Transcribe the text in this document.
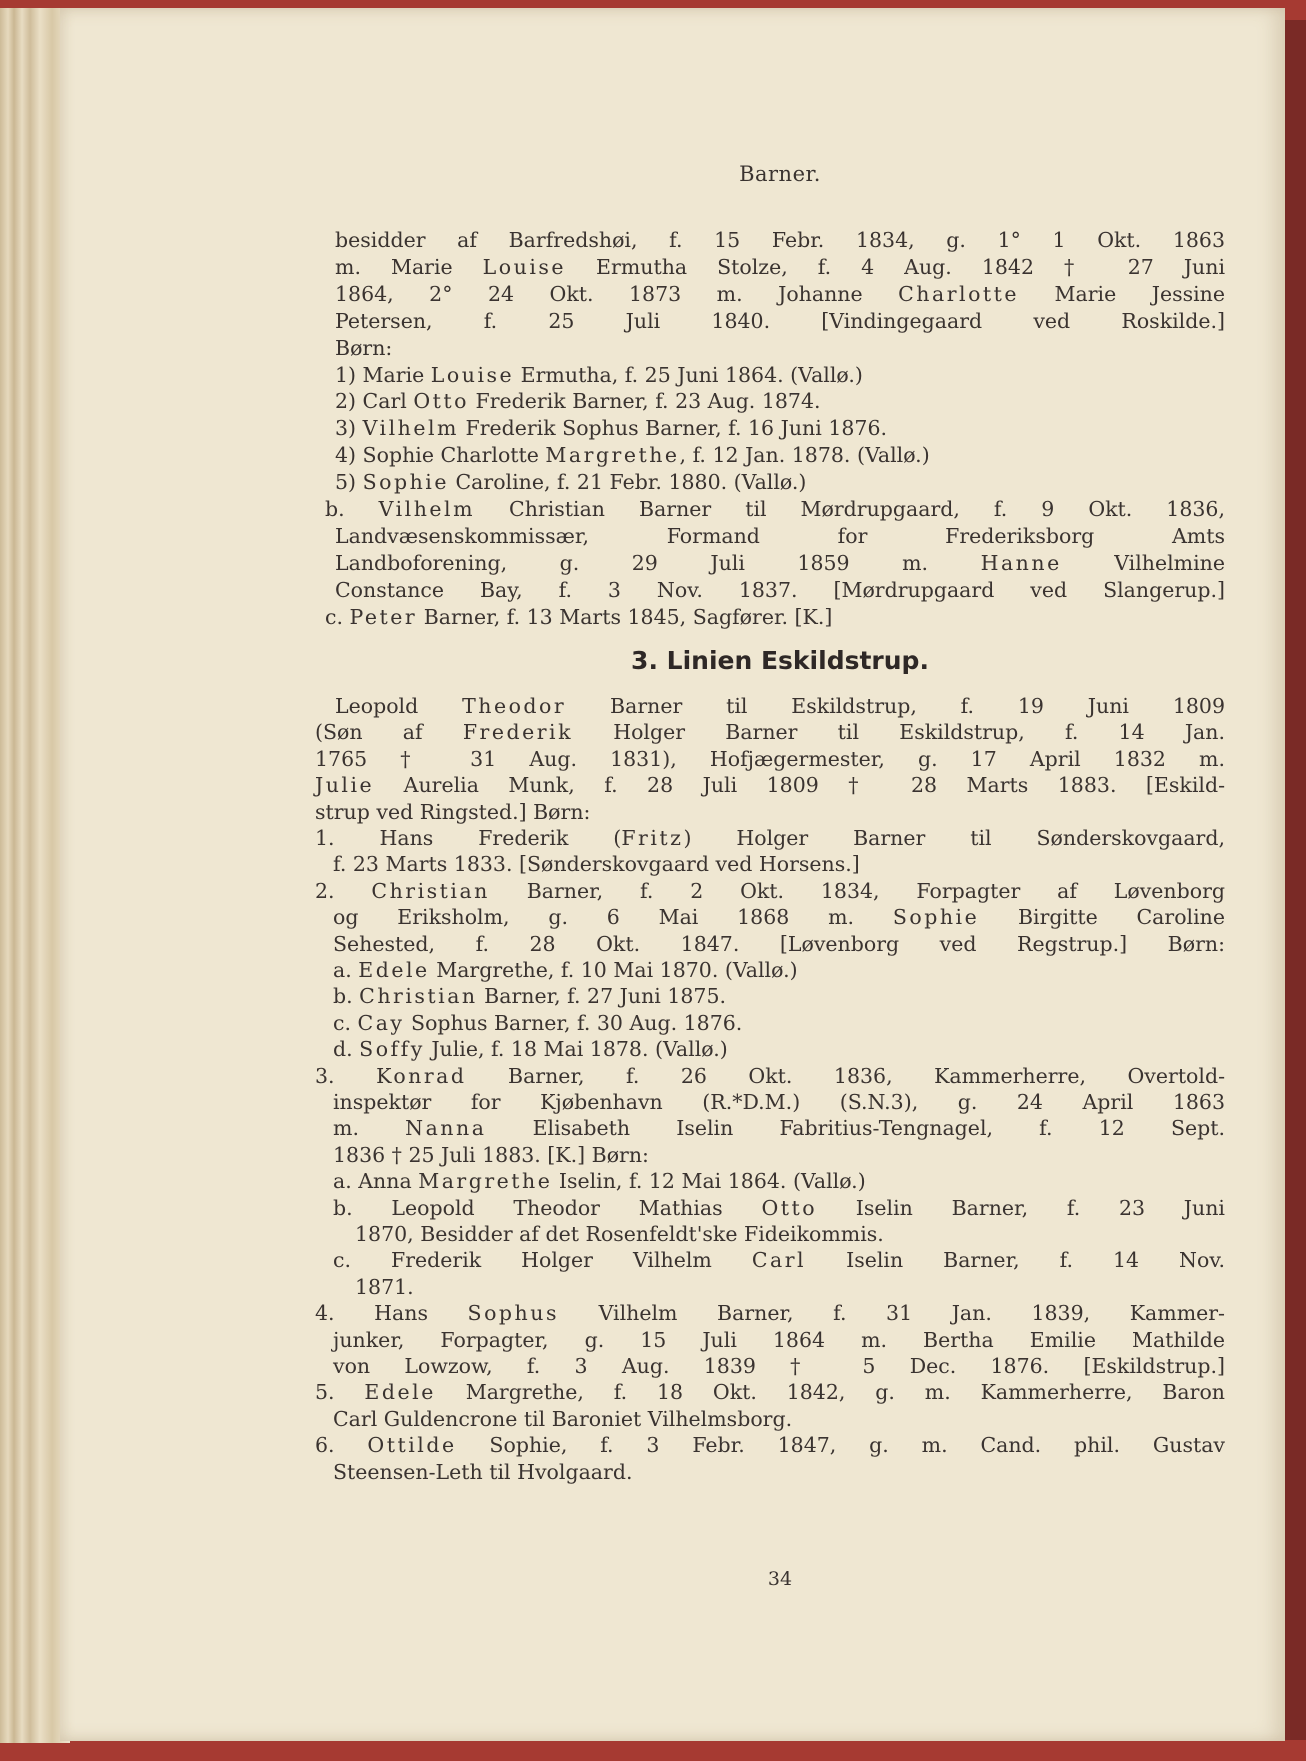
Barner.
besidder af Barfredshøi, f. 15 Febr. 1834, g. 1° 1 Okt. 1863
m. Marie Louise Ermutha Stolze, f. 4 Aug. 1842 † 27 Juni
1864, 2° 24 Okt. 1873 m. Johanne Charlotte Marie Jessine
Petersen, f. 25 Juli 1840. [Vindingegaard ved Roskilde.]
Børn:
1) Marie Louise Ermutha, f. 25 Juni 1864. (Vallø.)
2) Carl Otto Frederik Barner, f. 23 Aug. 1874.
3) Vilhelm Frederik Sophus Barner, f. 16 Juni 1876.
4) Sophie Charlotte Margrethe, f. 12 Jan. 1878. (Vallø.)
5) Sophie Caroline, f. 21 Febr. 1880. (Vallø.)
b. Vilhelm Christian Barner til Mørdrupgaard, f. 9 Okt. 1836,
Landvæsenskommissær, Formand for Frederiksborg Amts
Landboforening, g. 29 Juli 1859 m. Hanne Vilhelmine
Constance Bay, f. 3 Nov. 1837. [Mørdrupgaard ved Slangerup.]
c. Peter Barner, f. 13 Marts 1845, Sagfører. [K.]
3. Linien Eskildstrup.
Leopold Theodor Barner til Eskildstrup, f. 19 Juni 1809
(Søn af Frederik Holger Barner til Eskildstrup, f. 14 Jan.
1765 † 31 Aug. 1831), Hofjægermester, g. 17 April 1832 m.
Julie Aurelia Munk, f. 28 Juli 1809 † 28 Marts 1883. [Eskild-
strup ved Ringsted.] Børn:
1. Hans Frederik (Fritz) Holger Barner til Sønderskovgaard,
f. 23 Marts 1833. [Sønderskovgaard ved Horsens.]
2. Christian Barner, f. 2 Okt. 1834, Forpagter af Løvenborg
og Eriksholm, g. 6 Mai 1868 m. Sophie Birgitte Caroline
Sehested, f. 28 Okt. 1847. [Løvenborg ved Regstrup.] Børn:
a. Edele Margrethe, f. 10 Mai 1870. (Vallø.)
b. Christian Barner, f. 27 Juni 1875.
c. Cay Sophus Barner, f. 30 Aug. 1876.
d. Soffy Julie, f. 18 Mai 1878. (Vallø.)
3. Konrad Barner, f. 26 Okt. 1836, Kammerherre, Overtold-
inspektør for Kjøbenhavn (R.*D.M.) (S.N.3), g. 24 April 1863
m. Nanna Elisabeth Iselin Fabritius-Tengnagel, f. 12 Sept.
1836 † 25 Juli 1883. [K.] Børn:
a. Anna Margrethe Iselin, f. 12 Mai 1864. (Vallø.)
b. Leopold Theodor Mathias Otto Iselin Barner, f. 23 Juni
1870, Besidder af det Rosenfeldt'ske Fideikommis.
c. Frederik Holger Vilhelm Carl Iselin Barner, f. 14 Nov.
1871.
4. Hans Sophus Vilhelm Barner, f. 31 Jan. 1839, Kammer-
junker, Forpagter, g. 15 Juli 1864 m. Bertha Emilie Mathilde
von Lowzow, f. 3 Aug. 1839 † 5 Dec. 1876. [Eskildstrup.]
5. Edele Margrethe, f. 18 Okt. 1842, g. m. Kammerherre, Baron
Carl Guldencrone til Baroniet Vilhelmsborg.
6. Ottilde Sophie, f. 3 Febr. 1847, g. m. Cand. phil. Gustav
Steensen-Leth til Hvolgaard.
34
